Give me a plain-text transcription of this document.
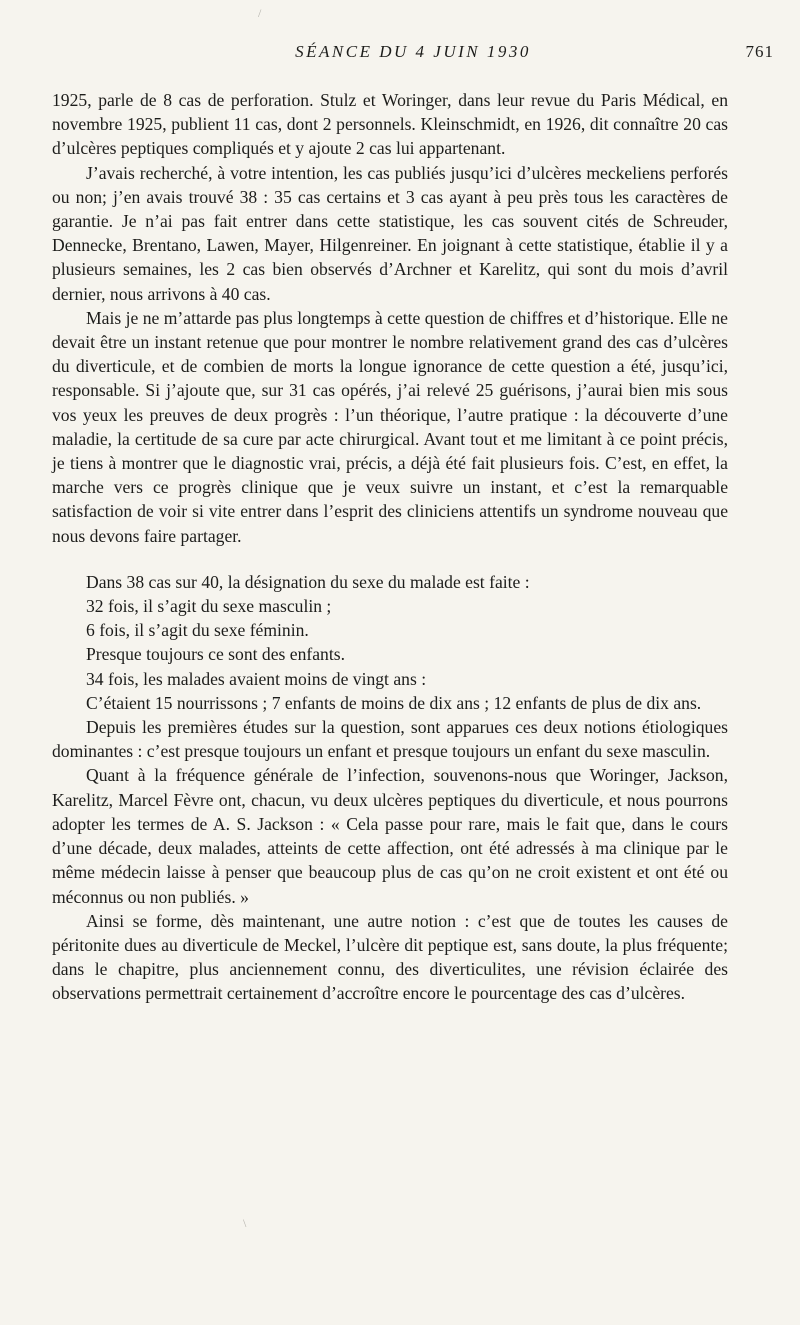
SÉANCE DU 4 JUIN 1930	761

1925, parle de 8 cas de perforation. Stulz et Woringer, dans leur revue du Paris Médical, en novembre 1925, publient 11 cas, dont 2 personnels. Kleinschmidt, en 1926, dit connaître 20 cas d’ulcères peptiques compliqués et y ajoute 2 cas lui appartenant.

J’avais recherché, à votre intention, les cas publiés jusqu’ici d’ulcères meckeliens perforés ou non; j’en avais trouvé 38 : 35 cas certains et 3 cas ayant à peu près tous les caractères de garantie. Je n’ai pas fait entrer dans cette statistique, les cas souvent cités de Schreuder, Dennecke, Brentano, Lawen, Mayer, Hilgenreiner. En joignant à cette statistique, établie il y a plusieurs semaines, les 2 cas bien observés d’Archner et Karelitz, qui sont du mois d’avril dernier, nous arrivons à 40 cas.

Mais je ne m’attarde pas plus longtemps à cette question de chiffres et d’historique. Elle ne devait être un instant retenue que pour montrer le nombre relativement grand des cas d’ulcères du diverticule, et de combien de morts la longue ignorance de cette question a été, jusqu’ici, responsable. Si j’ajoute que, sur 31 cas opérés, j’ai relevé 25 guérisons, j’aurai bien mis sous vos yeux les preuves de deux progrès : l’un théorique, l’autre pratique : la découverte d’une maladie, la certitude de sa cure par acte chirurgical. Avant tout et me limitant à ce point précis, je tiens à montrer que le diagnostic vrai, précis, a déjà été fait plusieurs fois. C’est, en effet, la marche vers ce progrès clinique que je veux suivre un instant, et c’est la remarquable satisfaction de voir si vite entrer dans l’esprit des cliniciens attentifs un syndrome nouveau que nous devons faire partager.

Dans 38 cas sur 40, la désignation du sexe du malade est faite :

32 fois, il s’agit du sexe masculin ;

6 fois, il s’agit du sexe féminin.

Presque toujours ce sont des enfants.

34 fois, les malades avaient moins de vingt ans :

C’étaient 15 nourrissons ; 7 enfants de moins de dix ans ; 12 enfants de plus de dix ans.

Depuis les premières études sur la question, sont apparues ces deux notions étiologiques dominantes : c’est presque toujours un enfant et presque toujours un enfant du sexe masculin.

Quant à la fréquence générale de l’infection, souvenons-nous que Woringer, Jackson, Karelitz, Marcel Fèvre ont, chacun, vu deux ulcères peptiques du diverticule, et nous pourrons adopter les termes de A. S. Jackson : « Cela passe pour rare, mais le fait que, dans le cours d’une décade, deux malades, atteints de cette affection, ont été adressés à ma clinique par le même médecin laisse à penser que beaucoup plus de cas qu’on ne croit existent et ont été ou méconnus ou non publiés. »

Ainsi se forme, dès maintenant, une autre notion : c’est que de toutes les causes de péritonite dues au diverticule de Meckel, l’ulcère dit peptique est, sans doute, la plus fréquente; dans le chapitre, plus anciennement connu, des diverticulites, une révision éclairée des observations permettrait certainement d’accroître encore le pourcentage des cas d’ulcères.

/
\
